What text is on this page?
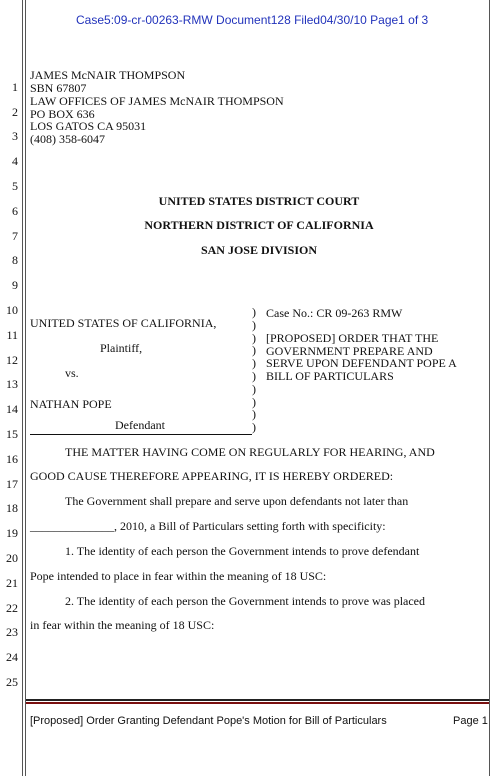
Case5:09-cr-00263-RMW Document128 Filed04/30/10 Page1 of 3
1
2
3
4
5
6
7
8
9
10
11
12
13
14
15
16
17
18
19
20
21
22
23
24
25
JAMES McNAIR THOMPSON
SBN 67807
LAW OFFICES OF JAMES McNAIR THOMPSON
PO BOX 636
LOS GATOS CA 95031
(408) 358-6047
UNITED STATES DISTRICT COURT
NORTHERN DISTRICT OF CALIFORNIA
SAN JOSE DIVISION
UNITED STATES OF CALIFORNIA,
Plaintiff,
vs.
NATHAN POPE
Defendant
)
)
)
)
)
)
)
)
)
)
Case No.: CR 09-263 RMW
[PROPOSED] ORDER THAT THE
GOVERNMENT PREPARE AND
SERVE UPON DEFENDANT POPE A
BILL OF PARTICULARS
THE MATTER HAVING COME ON REGULARLY FOR HEARING, AND
GOOD CAUSE THEREFORE APPEARING, IT IS HEREBY ORDERED:
The Government shall prepare and serve upon defendants not later than
______________, 2010, a Bill of Particulars setting forth with specificity:
1. The identity of each person the Government intends to prove defendant
Pope intended to place in fear within the meaning of 18 USC:
2. The identity of each person the Government intends to prove was placed
in fear within the meaning of 18 USC:
[Proposed] Order Granting Defendant Pope's Motion for Bill of Particulars	Page 1
